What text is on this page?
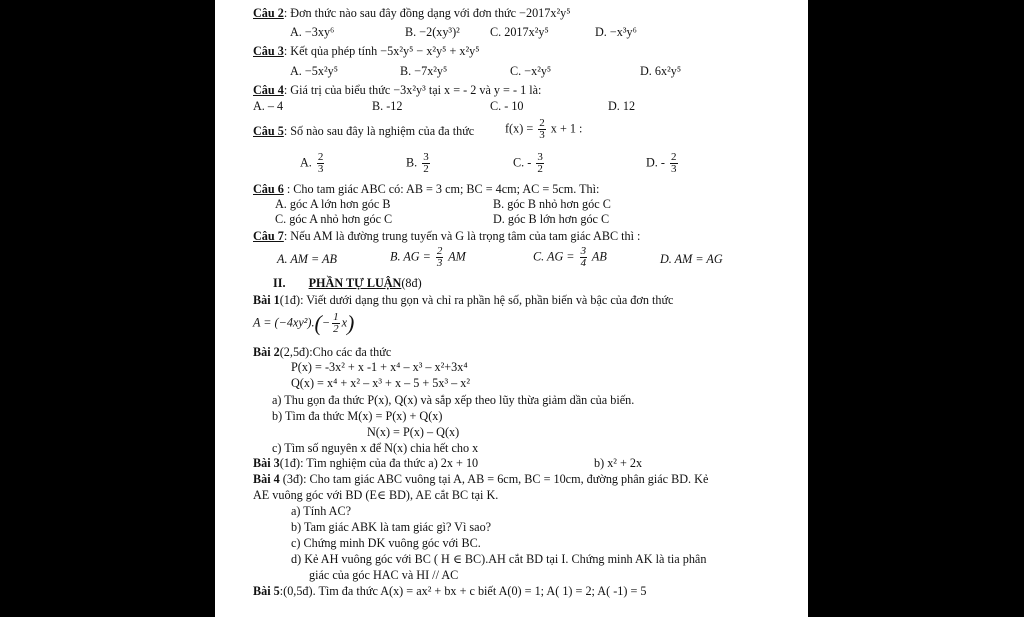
Câu 2: Đơn thức nào sau đây đồng dạng với đơn thức −2017x²y⁵
A. −3xy⁶	B. −2(xy³)² C. 2017x²y⁵	D. −x³y⁶
Câu 3: Kết qủa phép tính −5x²y⁵ − x²y⁵ + x²y⁵
A. −5x²y⁵	B. −7x²y⁵	C. −x²y⁵	D. 6x²y⁵
Câu 4: Giá trị của biểu thức −3x²y³ tại x = - 2 và y = - 1 là:
A. – 4	B. -12	C. - 10	D. 12
Câu 5: Số nào sau đây là nghiệm của đa thức	$f(x) = \frac{2}{3}$ x + 1 :
A. $\frac{2}{3}$	B. $\frac{3}{2}$	C. - $\frac{3}{2}$	D. - $\frac{2}{3}$
Câu 6 : Cho tam giác ABC có: AB = 3 cm; BC = 4cm; AC = 5cm. Thì:
A. góc A lớn hơn góc B	B. góc B nhỏ hơn góc C
C. góc A nhỏ hơn góc C	D. góc B lớn hơn góc C
Câu 7: Nếu AM là đường trung tuyến và G là trọng tâm của tam giác ABC thì :
A. AM = AB	B. AG = $\frac{2}{3}$ AM	C. AG = $\frac{3}{4}$ AB	D. AM = AG
II. PHẦN TỰ LUẬN(8đ)
Bài 1(1đ): Viết dưới dạng thu gọn và chỉ ra phần hệ số, phần biến và bậc của đơn thức
$A = (-4xy^2).(- \frac{1}{2} x)$
Bài 2(2,5đ):Cho các đa thức
P(x) = -3x² + x -1 + x⁴ – x³ – x²+3x⁴
Q(x) = x⁴ + x² – x³ + x – 5 + 5x³ – x²
a) Thu gọn đa thức P(x), Q(x) và sắp xếp theo lũy thừa giảm dần của biến.
b) Tìm đa thức M(x) = P(x) + Q(x)
N(x) = P(x) – Q(x)
c) Tìm số nguyên x để N(x) chia hết cho x
Bài 3(1đ): Tìm nghiệm của đa thức a) 2x + 10	b) x² + 2x
Bài 4 (3đ): Cho tam giác ABC vuông tại A, AB = 6cm, BC = 10cm, đường phân giác BD. Kẻ
AE vuông góc với BD (E∈ BD), AE cắt BC tại K.
a) Tính AC?
b) Tam giác ABK là tam giác gì? Vì sao?
c) Chứng minh DK vuông góc với BC.
d) Kẻ AH vuông góc với BC ( H ∈ BC).AH cắt BD tại I. Chứng minh AK là tia phân
giác của góc HAC và HI // AC
Bài 5:(0,5đ). Tìm đa thức A(x) = ax² + bx + c biết A(0) = 1; A( 1) = 2; A( -1) = 5
